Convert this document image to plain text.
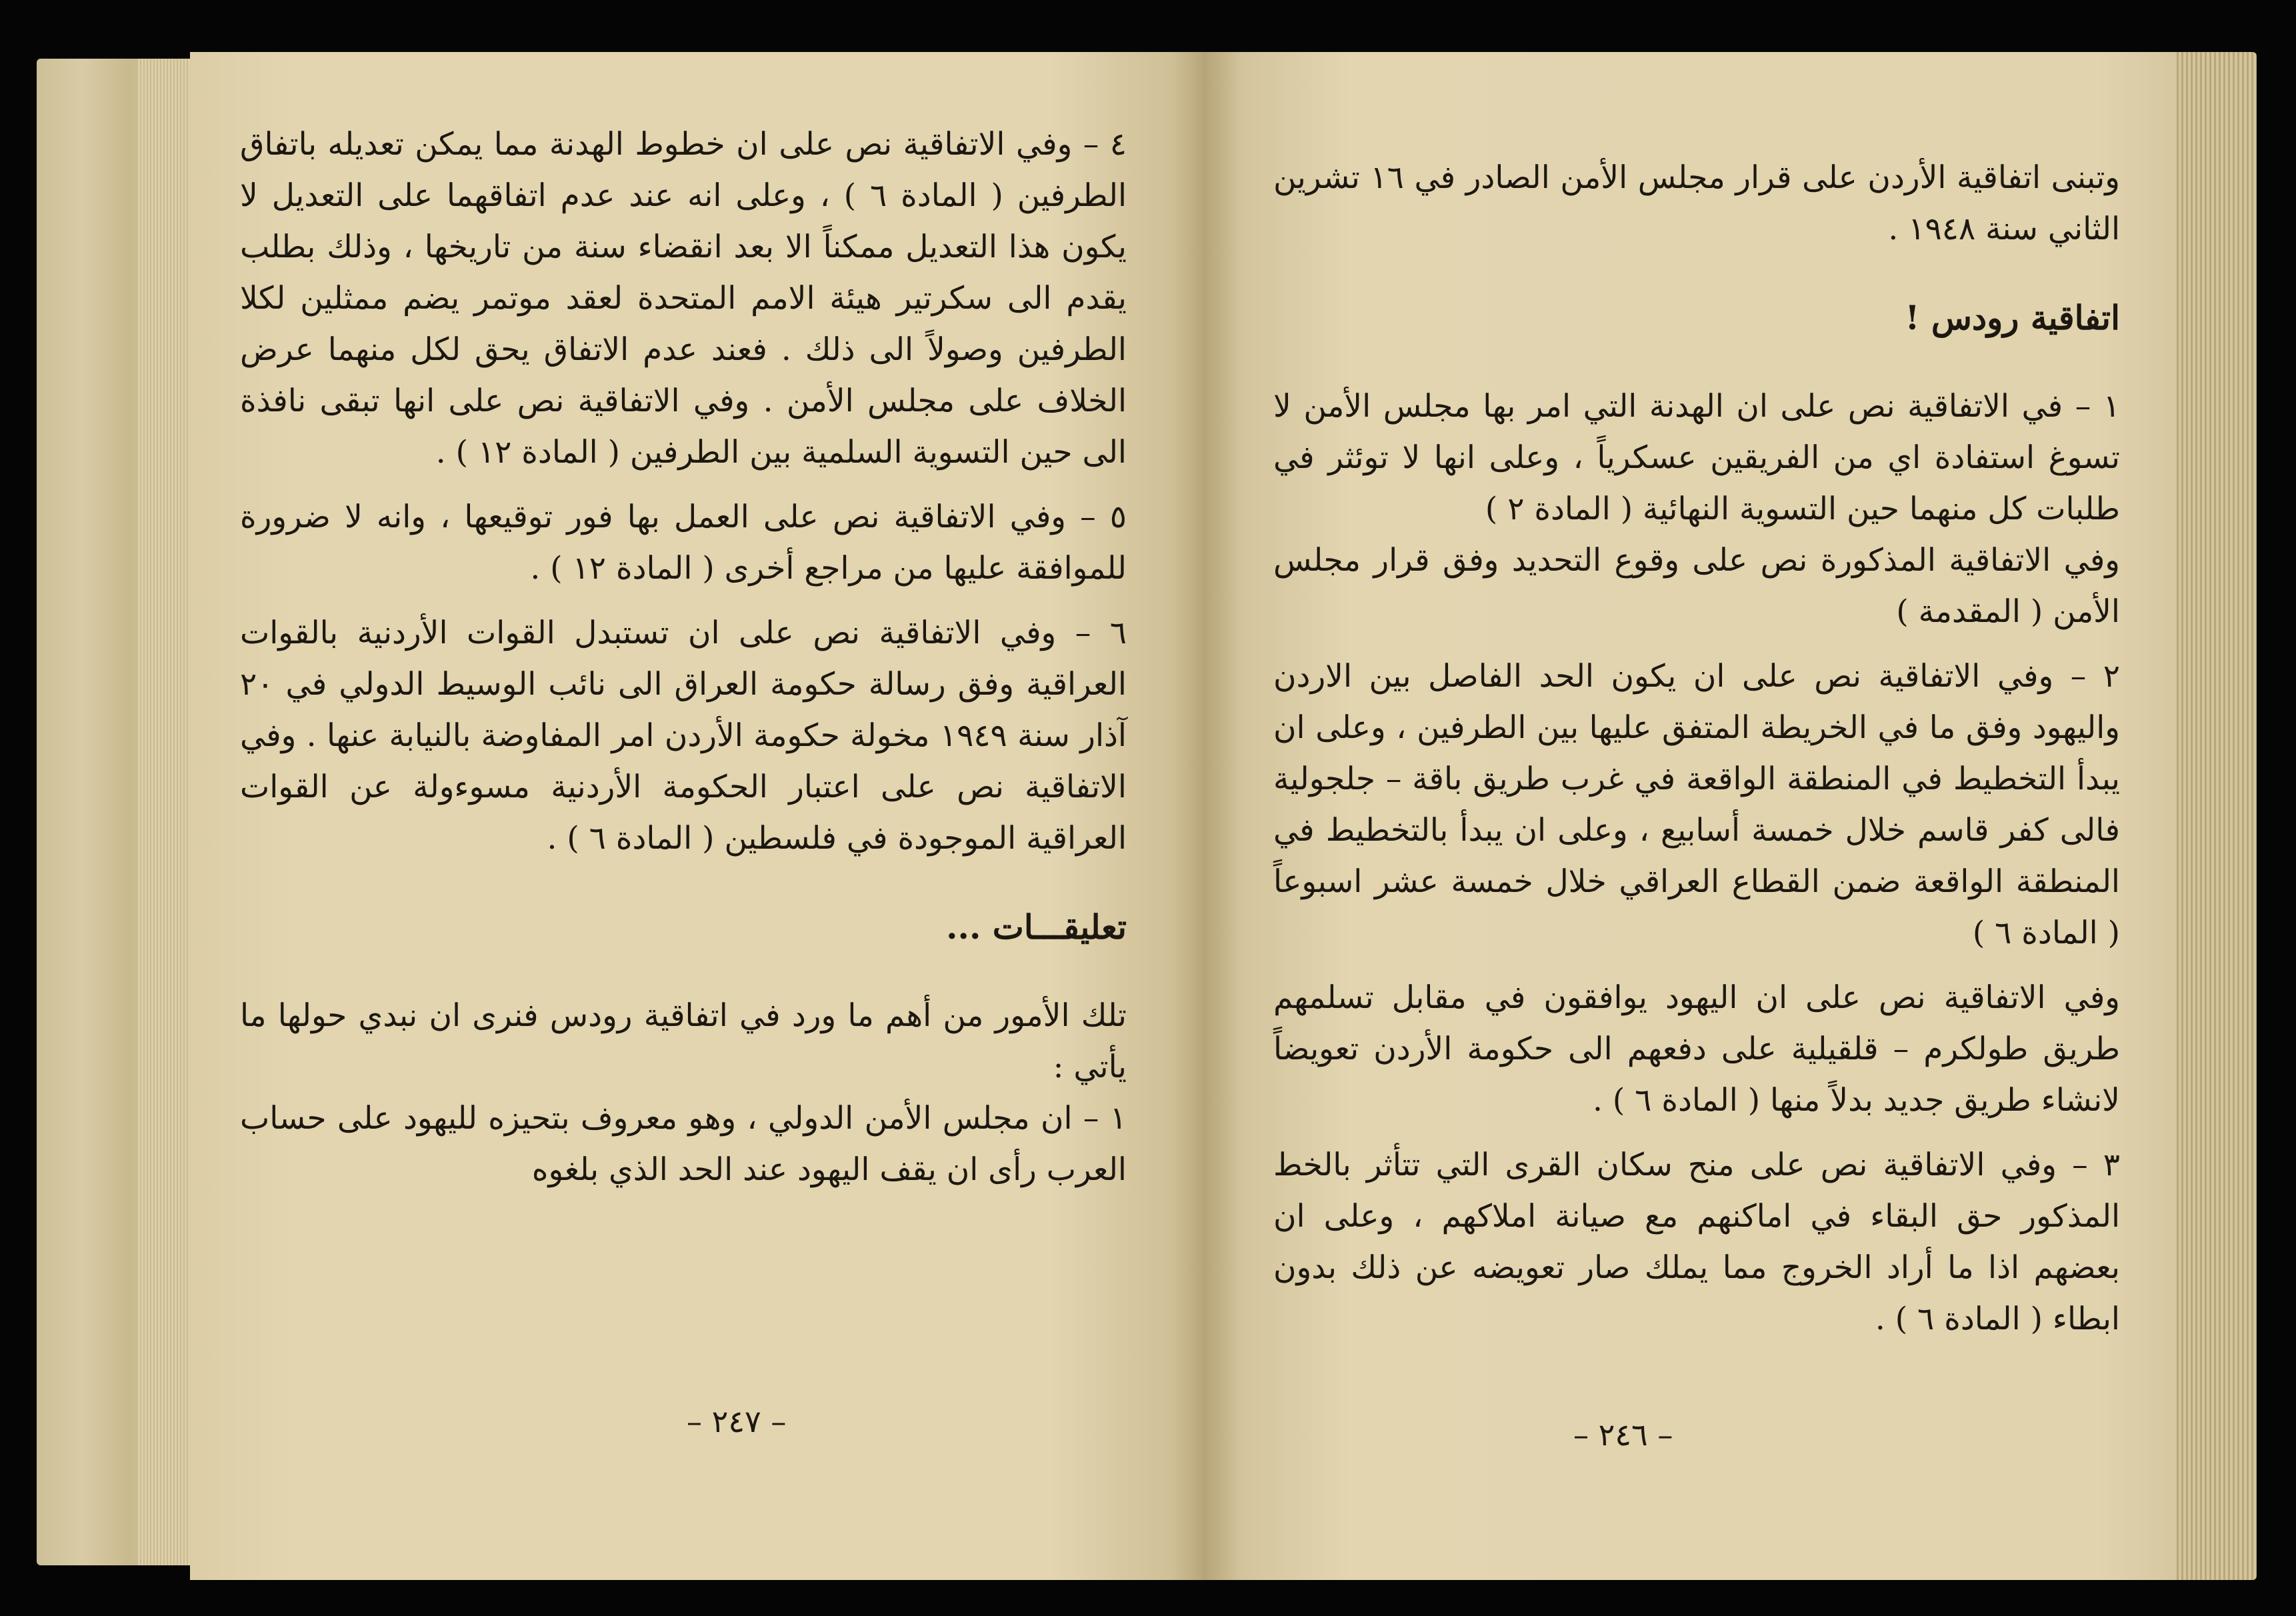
٤ – وفي الاتفاقية نص على ان خطوط الهدنة مما يمكن تعديله باتفاق الطرفين ( المادة ٦ ) ، وعلى انه عند عدم اتفاقهما على التعديل لا يكون هذا التعديل ممكناً الا بعد انقضاء سنة من تاريخها ، وذلك بطلب يقدم الى سكرتير هيئة الامم المتحدة لعقد موتمر يضم ممثلين لكلا الطرفين وصولاً الى ذلك . فعند عدم الاتفاق يحق لكل منهما عرض الخلاف على مجلس الأمن . وفي الاتفاقية نص على انها تبقى نافذة الى حين التسوية السلمية بين الطرفين ( المادة ١٢ ) .

٥ – وفي الاتفاقية نص على العمل بها فور توقيعها ، وانه لا ضرورة للموافقة عليها من مراجع أخرى ( المادة ١٢ ) .

٦ – وفي الاتفاقية نص على ان تستبدل القوات الأردنية بالقوات العراقية وفق رسالة حكومة العراق الى نائب الوسيط الدولي في ٢٠ آذار سنة ١٩٤٩ مخولة حكومة الأردن امر المفاوضة بالنيابة عنها . وفي الاتفاقية نص على اعتبار الحكومة الأردنية مسوءولة عن القوات العراقية الموجودة في فلسطين ( المادة ٦ ) .

تعليقـــات ...

تلك الأمور من أهم ما ورد في اتفاقية رودس فنرى ان نبدي حولها ما يأتي :

١ – ان مجلس الأمن الدولي ، وهو معروف بتحيزه لليهود على حساب العرب رأى ان يقف اليهود عند الحد الذي بلغوه

– ٢٤٧ –

وتبنى اتفاقية الأردن على قرار مجلس الأمن الصادر في ١٦ تشرين الثاني سنة ١٩٤٨ .

اتفاقية رودس !

١ – في الاتفاقية نص على ان الهدنة التي امر بها مجلس الأمن لا تسوغ استفادة اي من الفريقين عسكرياً ، وعلى انها لا توئثر في طلبات كل منهما حين التسوية النهائية ( المادة ٢ )

وفي الاتفاقية المذكورة نص على وقوع التحديد وفق قرار مجلس الأمن ( المقدمة )

٢ – وفي الاتفاقية نص على ان يكون الحد الفاصل بين الاردن واليهود وفق ما في الخريطة المتفق عليها بين الطرفين ، وعلى ان يبدأ التخطيط في المنطقة الواقعة في غرب طريق باقة – جلجولية فالى كفر قاسم خلال خمسة أسابيع ، وعلى ان يبدأ بالتخطيط في المنطقة الواقعة ضمن القطاع العراقي خلال خمسة عشر اسبوعاً ( المادة ٦ )

وفي الاتفاقية نص على ان اليهود يوافقون في مقابل تسلمهم طريق طولكرم – قلقيلية على دفعهم الى حكومة الأردن تعويضاً لانشاء طريق جديد بدلاً منها ( المادة ٦ ) .

٣ – وفي الاتفاقية نص على منح سكان القرى التي تتأثر بالخط المذكور حق البقاء في اماكنهم مع صيانة املاكهم ، وعلى ان بعضهم اذا ما أراد الخروج مما يملك صار تعويضه عن ذلك بدون ابطاء ( المادة ٦ ) .

– ٢٤٦ –
